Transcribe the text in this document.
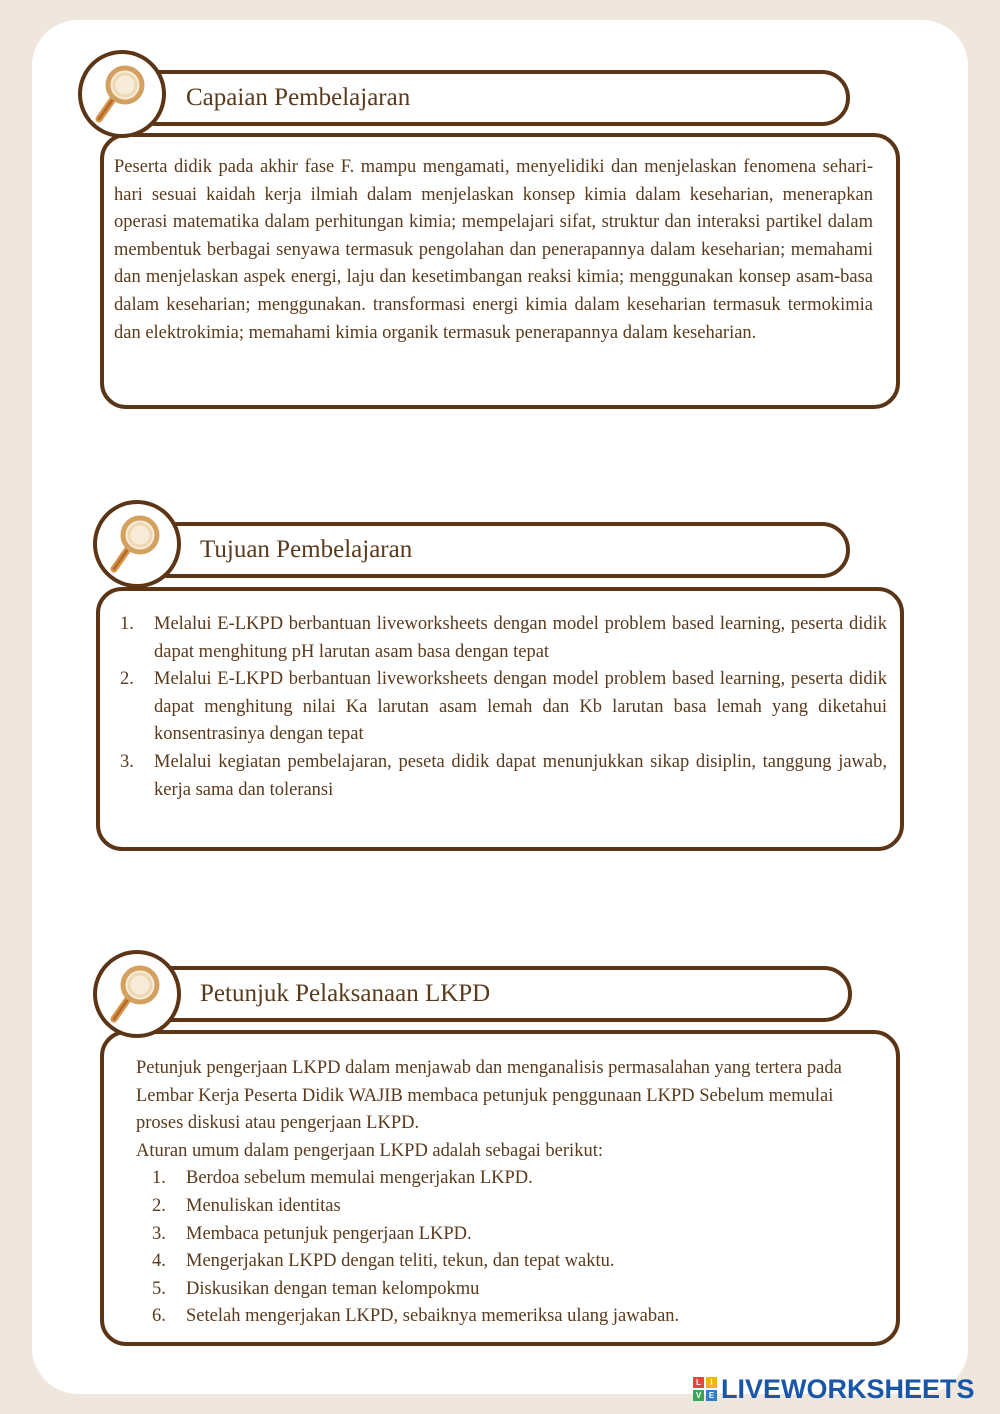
Capaian Pembelajaran

Peserta didik pada akhir fase F. mampu mengamati, menyelidiki dan menjelaskan fenomena sehari-hari sesuai kaidah kerja ilmiah dalam menjelaskan konsep kimia dalam keseharian, menerapkan operasi matematika dalam perhitungan kimia; mempelajari sifat, struktur dan interaksi partikel dalam membentuk berbagai senyawa termasuk pengolahan dan penerapannya dalam keseharian; memahami dan menjelaskan aspek energi, laju dan kesetimbangan reaksi kimia; menggunakan konsep asam-basa dalam keseharian; menggunakan. transformasi energi kimia dalam keseharian termasuk termokimia dan elektrokimia; memahami kimia organik termasuk penerapannya dalam keseharian.

Tujuan Pembelajaran
1. Melalui E-LKPD berbantuan liveworksheets dengan model problem based learning, peserta didik dapat menghitung pH larutan asam basa dengan tepat
2. Melalui E-LKPD berbantuan liveworksheets dengan model problem based learning, peserta didik dapat menghitung nilai Ka larutan asam lemah dan Kb larutan basa lemah yang diketahui konsentrasinya dengan tepat
3. Melalui kegiatan pembelajaran, peseta didik dapat menunjukkan sikap disiplin, tanggung jawab, kerja sama dan toleransi
Petunjuk Pelaksanaan LKPD

Petunjuk pengerjaan LKPD dalam menjawab dan menganalisis permasalahan yang tertera pada Lembar Kerja Peserta Didik WAJIB membaca petunjuk penggunaan LKPD Sebelum memulai proses diskusi atau pengerjaan LKPD.

Aturan umum dalam pengerjaan LKPD adalah sebagai berikut:

1. Berdoa sebelum memulai mengerjakan LKPD.
2. Menuliskan identitas
3. Membaca petunjuk pengerjaan LKPD.
4. Mengerjakan LKPD dengan teliti, tekun, dan tepat waktu.
5. Diskusikan dengan teman kelompokmu
6. Setelah mengerjakan LKPD, sebaiknya memeriksa ulang jawaban.
L	I
V E LIVEWORKSHEETS
